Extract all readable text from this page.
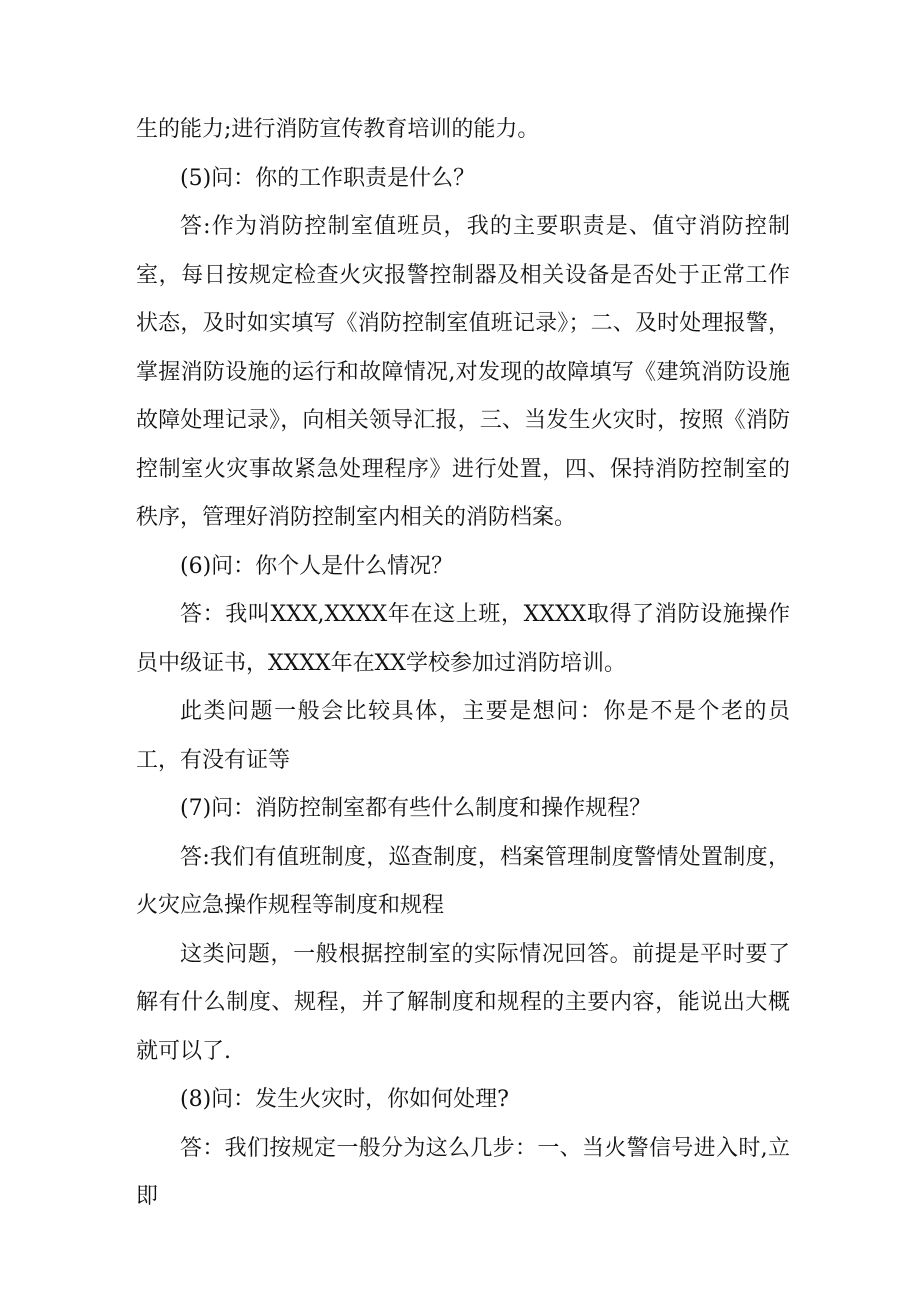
生的能力;进行消防宣传教育培训的能力。

(5)问：你的工作职责是什么？

答:作为消防控制室值班员，我的主要职责是、值守消防控制室，每日按规定检查火灾报警控制器及相关设备是否处于正常工作状态，及时如实填写《消防控制室值班记录》；二、及时处理报警，掌握消防设施的运行和故障情况,对发现的故障填写《建筑消防设施故障处理记录》，向相关领导汇报，三、当发生火灾时，按照《消防控制室火灾事故紧急处理程序》进行处置，四、保持消防控制室的秩序，管理好消防控制室内相关的消防档案。

(6)问：你个人是什么情况？

答：我叫XXX,XXXX年在这上班，XXXX取得了消防设施操作员中级证书，XXXX年在XX学校参加过消防培训。

此类问题一般会比较具体，主要是想问：你是不是个老的员工，有没有证等

(7)问：消防控制室都有些什么制度和操作规程？

答:我们有值班制度，巡查制度，档案管理制度警情处置制度，火灾应急操作规程等制度和规程

这类问题，一般根据控制室的实际情况回答。前提是平时要了解有什么制度、规程，并了解制度和规程的主要内容，能说出大概就可以了.

(8)问：发生火灾时，你如何处理?

答：我们按规定一般分为这么几步：一、当火警信号进入时,立即
